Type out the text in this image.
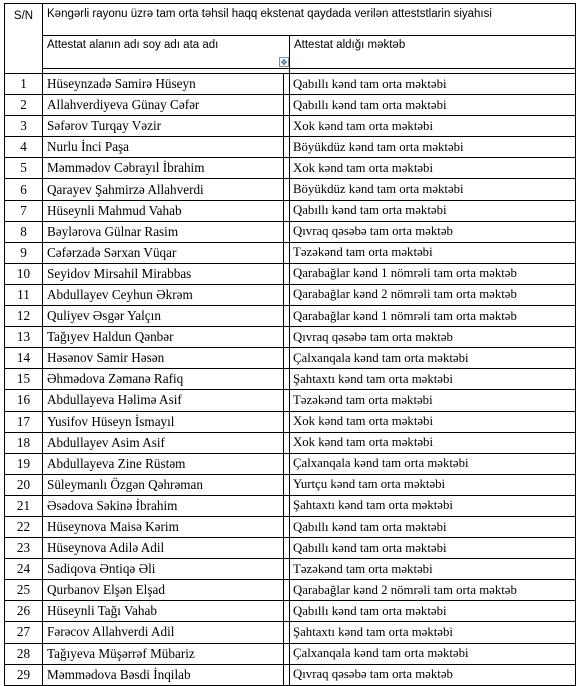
S/N	Kəngərli rayonu üzrə tam orta təhsil haqq ekstenat qaydada verilən atteststlarin siyahısi		
	Attestat alanın adı soy adı ata adı		Attestat aldığı məktəb

1	Hüseynzadə Samirə Hüseyn		Qabıllı kənd tam orta məktəbi
2	Allahverdiyeva Günay Cəfər		Qabıllı kənd tam orta məktəbi
3	Səfərov Turqay Vəzir		Xok kənd tam orta məktəbi
4	Nurlu İnci Paşa		Böyükdüz kənd tam orta məktəbi
5	Məmmədov Cəbrayıl İbrahim		Xok kənd tam orta məktəbi
6	Qarayev Şahmirzə Allahverdi		Böyükdüz kənd tam orta məktəbi
7	Hüseynli Mahmud Vahab		Qabıllı kənd tam orta məktəbi
8	Bəylərova Gülnar Rasim		Qıvraq qəsəbə tam orta məktəb
9	Cəfərzadə Sərxan Vüqar		Təzəkənd tam orta məktəbi
10	Seyidov Mirsahil Mirabbas		Qarabağlar kənd 1 nömrəli tam orta məktəb
11	Abdullayev Ceyhun Əkrəm		Qarabağlar kənd 2 nömrəli tam orta məktəb
12	Quliyev Əsgər Yalçın		Qarabağlar kənd 1 nömrəli tam orta məktəb
13	Tağıyev Haldun Qənbər		Qıvraq qəsəbə tam orta məktəb
14	Həsənov Samir Həsən		Çalxanqala kənd tam orta məktəbi
15	Əhmədova Zəmanə Rafiq		Şahtaxtı kənd tam orta məktəbi
16	Abdullayeva Həlimə Asif		Təzəkənd tam orta məktəbi
17	Yusifov Hüseyn İsmayıl		Xok kənd tam orta məktəbi
18	Abdullayev Asim Asif		Xok kənd tam orta məktəbi
19	Abdullayeva Zinе Rüstəm		Çalxanqala kənd tam orta məktəbi
20	Süleymanlı Özgən Qəhrəman		Yurtçu kənd tam orta məktəbi
21	Əsədova Səkinə İbrahim		Şahtaxtı kənd tam orta məktəbi
22	Hüseynova Maisə Kərim		Qabıllı kənd tam orta məktəbi
23	Hüseynova Adilə Adil		Qabıllı kənd tam orta məktəbi
24	Sadiqova Əntiqə Əli		Təzəkənd tam orta məktəbi
25	Qurbanov Elşən Elşad		Qarabağlar kənd 2 nömrəli tam orta məktəb
26	Hüseynli Tağı Vahab		Qabıllı kənd tam orta məktəbi
27	Fərəcov Allahverdi Adil		Şahtaxtı kənd tam orta məktəbi
28	Tağıyeva Müşərrəf Mübariz		Çalxanqala kənd tam orta məktəbi
29	Məmmədova Bəsdi İnqilab		Qıvraq qəsəbə tam orta məktəb
✥
